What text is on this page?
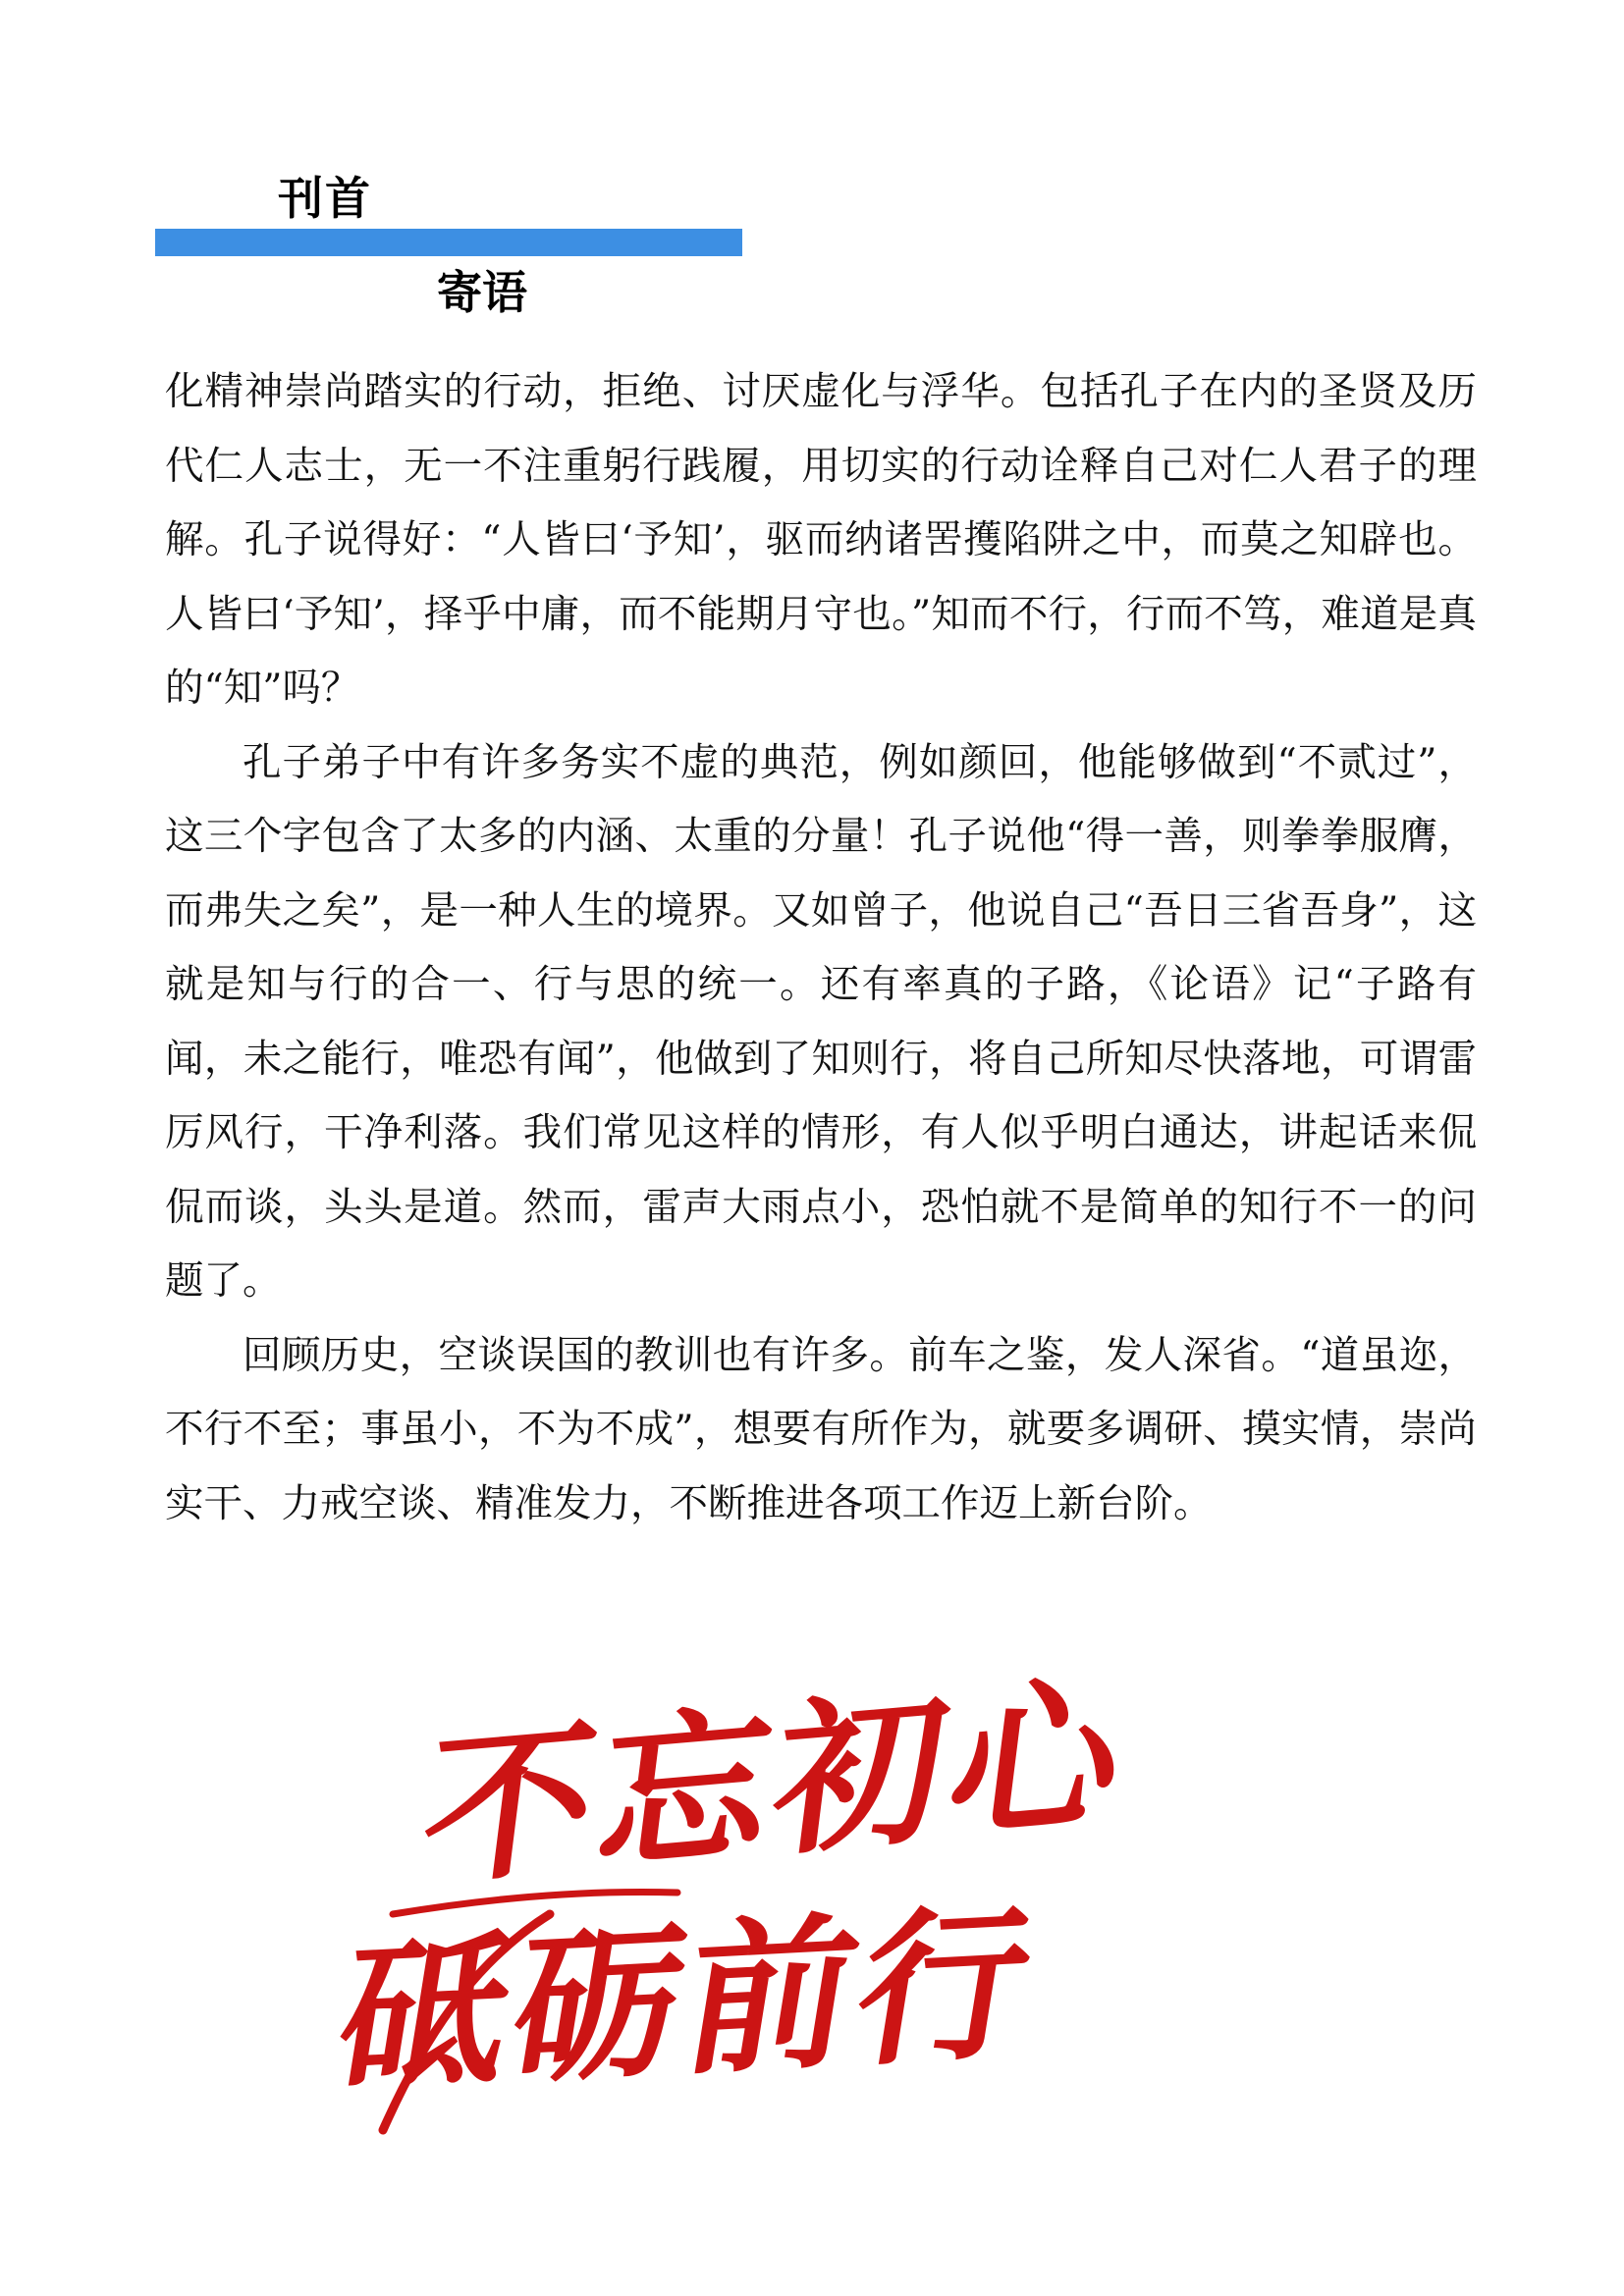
刊首
寄语

化精神崇尚踏实的行动，拒绝、讨厌虚化与浮华。包括孔子在内的圣贤及历代仁人志士，无一不注重躬行践履，用切实的行动诠释自己对仁人君子的理解。孔子说得好：“人皆曰‘予知’，驱而纳诸罟擭陷阱之中，而莫之知辟也。人皆曰‘予知’，择乎中庸，而不能期月守也。”知而不行，行而不笃，难道是真的“知”吗？

孔子弟子中有许多务实不虚的典范，例如颜回，他能够做到“不贰过”，这三个字包含了太多的内涵、太重的分量！孔子说他“得一善，则拳拳服膺，而弗失之矣”，是一种人生的境界。又如曾子，他说自己“吾日三省吾身”，这就是知与行的合一、行与思的统一。还有率真的子路，《论语》记“子路有闻，未之能行，唯恐有闻”，他做到了知则行，将自己所知尽快落地，可谓雷厉风行，干净利落。我们常见这样的情形，有人似乎明白通达，讲起话来侃侃而谈，头头是道。然而，雷声大雨点小，恐怕就不是简单的知行不一的问题了。

回顾历史，空谈误国的教训也有许多。前车之鉴，发人深省。“道虽迩，不行不至；事虽小，不为不成”，想要有所作为，就要多调研、摸实情，崇尚实干、力戒空谈、精准发力，不断推进各项工作迈上新台阶。

不忘初心
砥砺前行
